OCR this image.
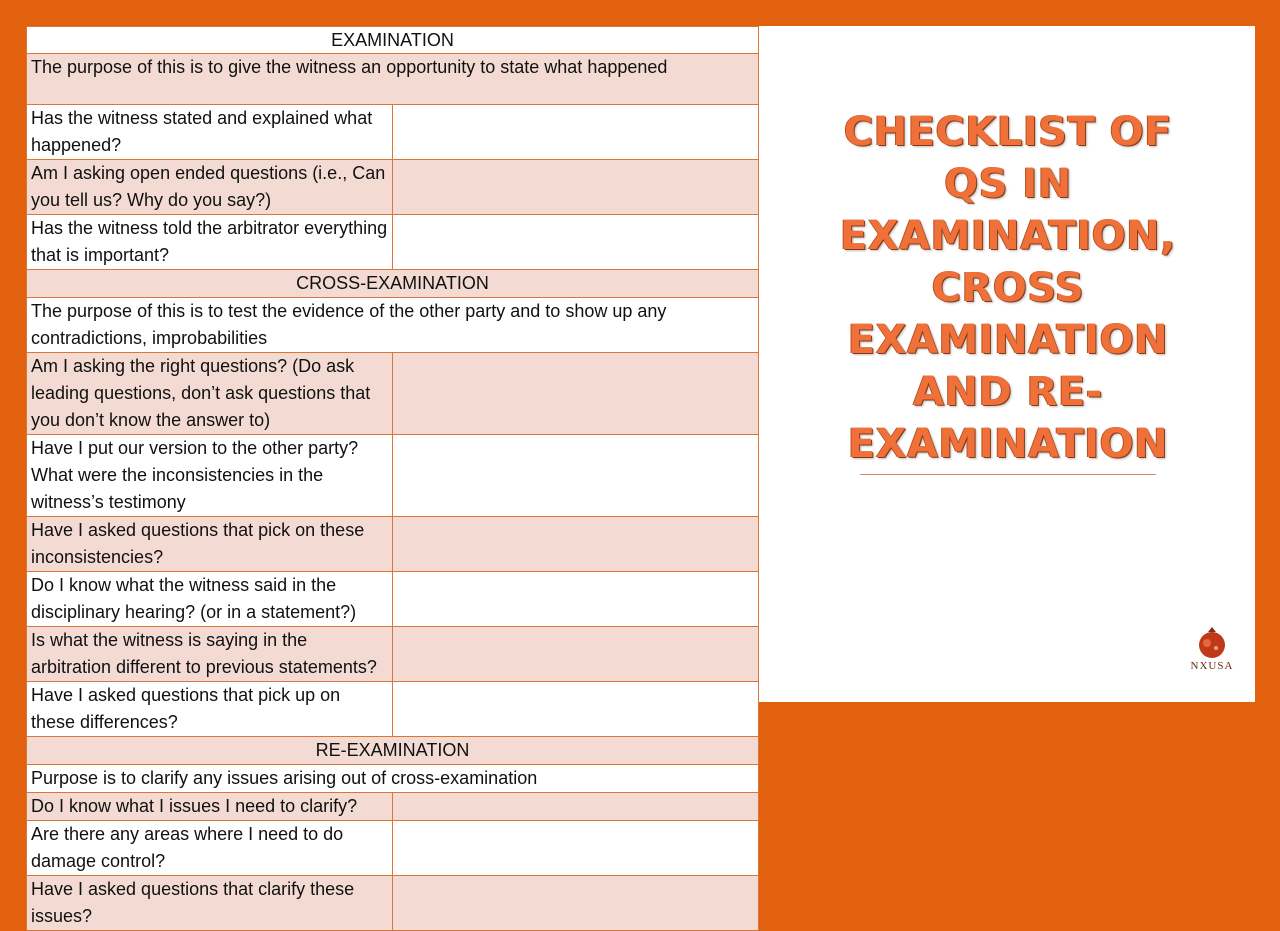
EXAMINATION	
The purpose of this is to give the witness an opportunity to state what happened	
Has the witness stated and explained what happened?	
Am I asking open ended questions (i.e., Can you tell us? Why do you say?)	
Has the witness told the arbitrator everything that is important?	
CROSS-EXAMINATION	
The purpose of this is to test the evidence of the other party and to show up any contradictions, improbabilities	
Am I asking the right questions? (Do ask leading questions, don’t ask questions that you don’t know the answer to)	
Have I put our version to the other party? What were the inconsistencies in the witness’s testimony	
Have I asked questions that pick on these inconsistencies?	
Do I know what the witness said in the disciplinary hearing? (or in a statement?)	
Is what the witness is saying in the arbitration different to previous statements?	
Have I asked questions that pick up on these differences?	
RE-EXAMINATION	
Purpose is to clarify any issues arising out of cross-examination	
Do I know what I issues I need to clarify?	
Are there any areas where I need to do damage control?	
Have I asked questions that clarify these issues?	

CHECKLIST OF

QS IN

EXAMINATION,

CROSS

EXAMINATION

AND RE-

EXAMINATION

NXUSA
